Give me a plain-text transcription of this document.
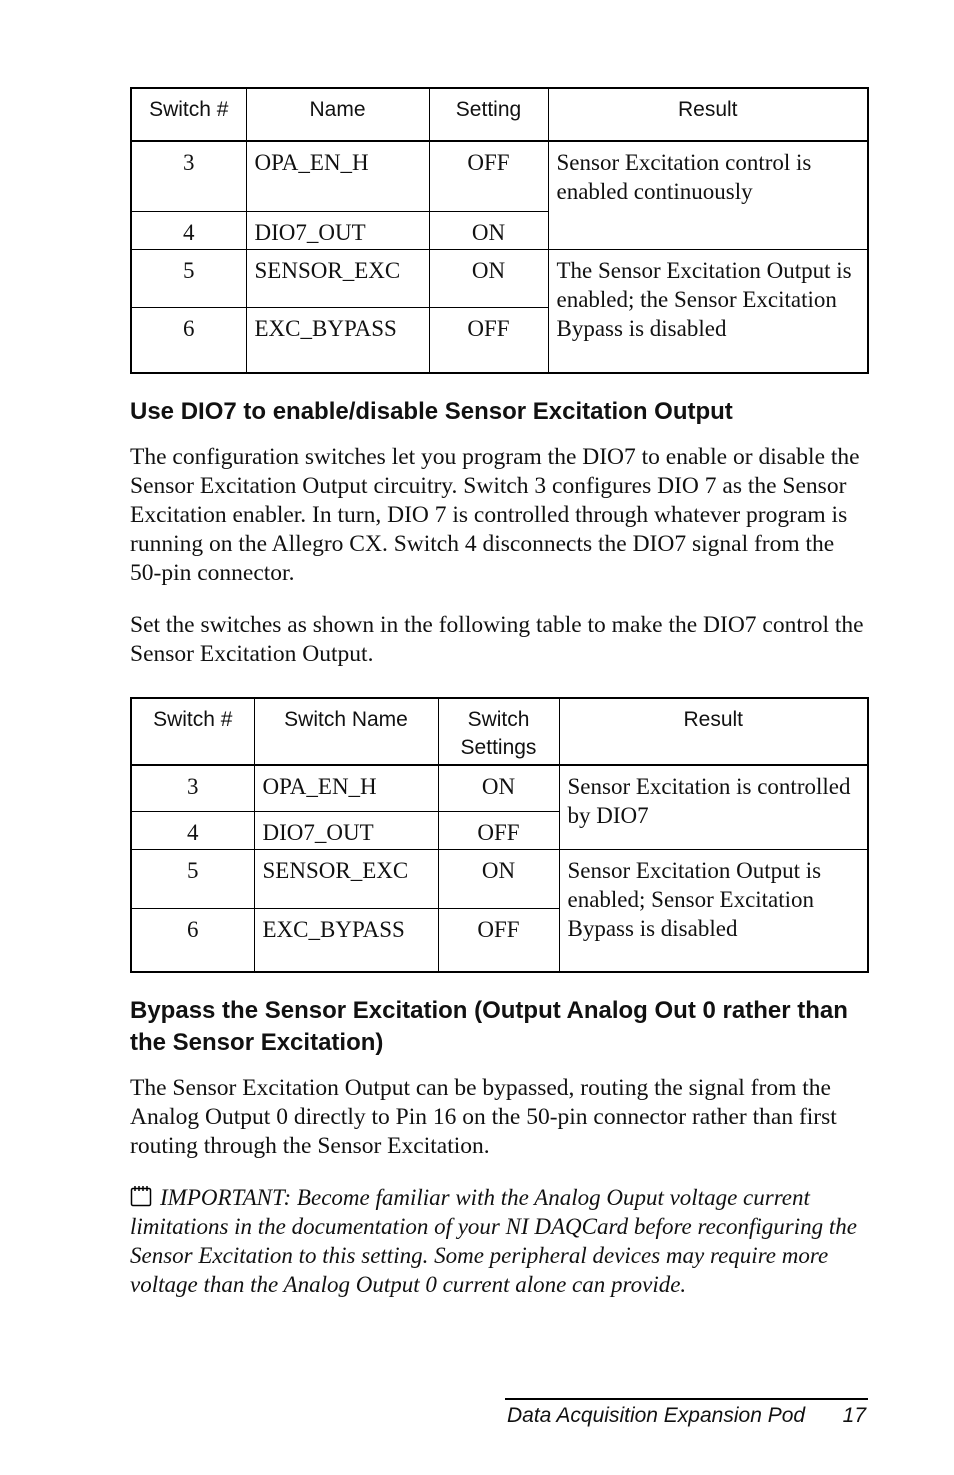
Switch #	Name	Setting	Result
3	OPA_EN_H	OFF	Sensor Excitation control is enabled continuously
4	DIO7_OUT	ON	
5	SENSOR_EXC	ON	The Sensor Excitation Output is enabled; the Sensor Excitation Bypass is disabled
6	EXC_BYPASS	OFF	
Use DIO7 to enable/disable Sensor Excitation Output

The configuration switches let you program the DIO7 to enable or disable the Sensor Excitation Output circuitry. Switch 3 configures DIO 7 as the Sensor Excitation enabler. In turn, DIO 7 is controlled through whatever program is running on the Allegro CX. Switch 4 disconnects the DIO7 signal from the 50-pin connector.

Set the switches as shown in the following table to make the DIO7 control the Sensor Excitation Output.

Switch #	Switch Name	Switch Settings	Result
3	OPA_EN_H	ON	Sensor Excitation is controlled by DIO7
4	DIO7_OUT	OFF	
5	SENSOR_EXC	ON	Sensor Excitation Output is enabled; Sensor Excitation Bypass is disabled
6	EXC_BYPASS	OFF	
Bypass the Sensor Excitation (Output Analog Out 0 rather than the Sensor Excitation)

The Sensor Excitation Output can be bypassed, routing the signal from the Analog Output 0 directly to Pin 16 on the 50-pin connector rather than first routing through the Sensor Excitation.

IMPORTANT: Become familiar with the Analog Ouput voltage current limitations in the documentation of your NI DAQCard before reconfiguring the Sensor Excitation to this setting. Some peripheral devices may require more voltage than the Analog Output 0 current alone can provide.

Data Acquisition Expansion Pod 17
